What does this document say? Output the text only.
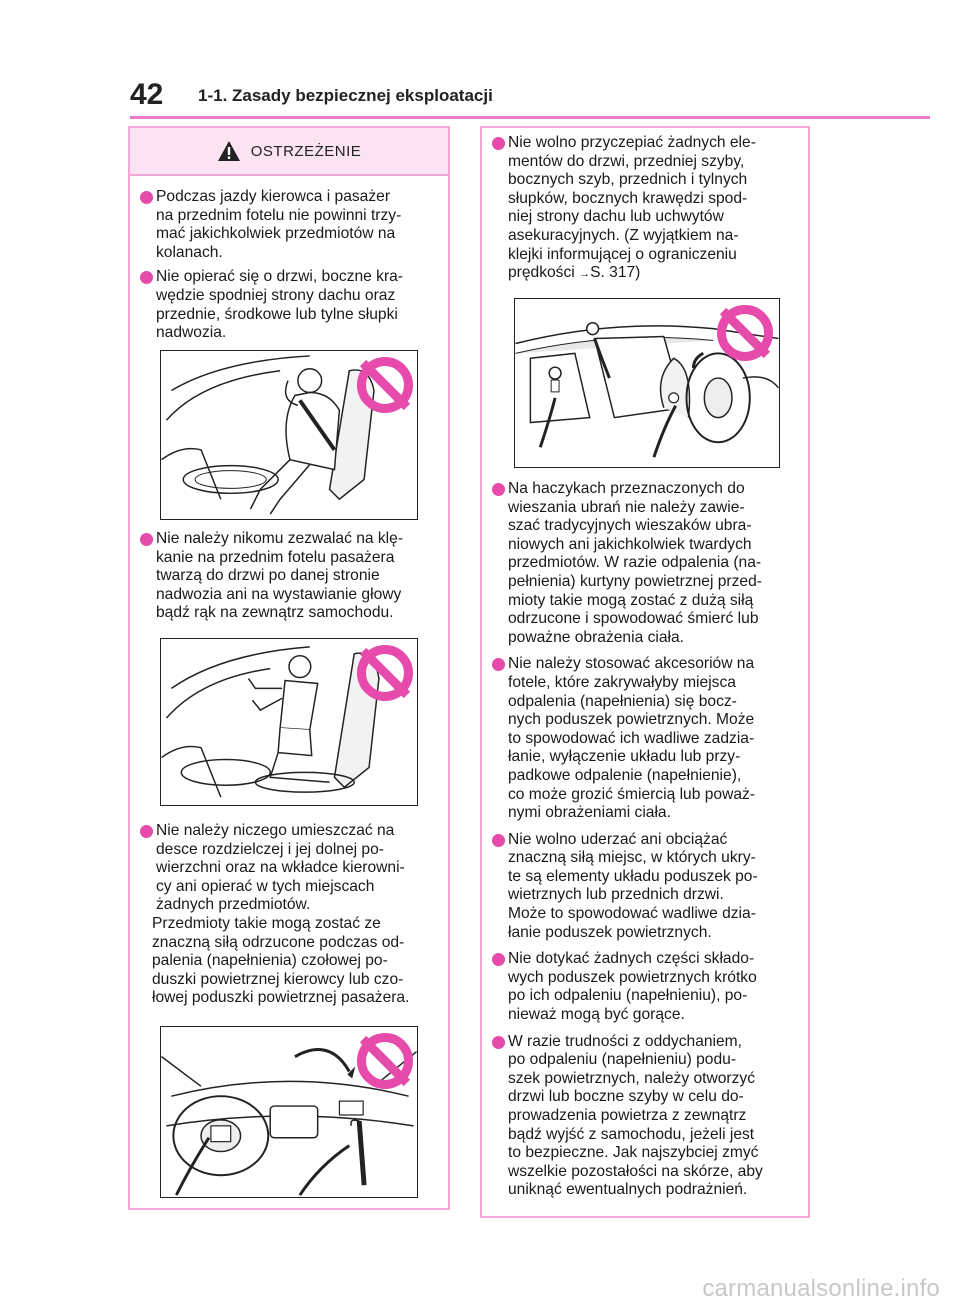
42 1-1. Zasady bezpiecznej eksploatacji
OSTRZEŻENIE
Podczas jazdy kierowca i pasażer
na przednim fotelu nie powinni trzy-
mać jakichkolwiek przedmiotów na
kolanach.
Nie opierać się o drzwi, boczne kra-
wędzie spodniej strony dachu oraz
przednie, środkowe lub tylne słupki
nadwozia.
Nie należy nikomu zezwalać na klę-
kanie na przednim fotelu pasażera
twarzą do drzwi po danej stronie
nadwozia ani na wystawianie głowy
bądź rąk na zewnątrz samochodu.
Nie należy niczego umieszczać na
desce rozdzielczej i jej dolnej po-
wierzchni oraz na wkładce kierowni-
cy ani opierać w tych miejscach
żadnych przedmiotów.
Przedmioty takie mogą zostać ze
znaczną siłą odrzucone podczas od-
palenia (napełnienia) czołowej po-
duszki powietrznej kierowcy lub czo-
łowej poduszki powietrznej pasażera.
Nie wolno przyczepiać żadnych ele-
mentów do drzwi, przedniej szyby,
bocznych szyb, przednich i tylnych
słupków, bocznych krawędzi spod-
niej strony dachu lub uchwytów
asekuracyjnych. (Z wyjątkiem na-
klejki informującej o ograniczeniu
prędkości →S. 317)
Na haczykach przeznaczonych do
wieszania ubrań nie należy zawie-
szać tradycyjnych wieszaków ubra-
niowych ani jakichkolwiek twardych
przedmiotów. W razie odpalenia (na-
pełnienia) kurtyny powietrznej przed-
mioty takie mogą zostać z dużą siłą
odrzucone i spowodować śmierć lub
poważne obrażenia ciała.
Nie należy stosować akcesoriów na
fotele, które zakrywałyby miejsca
odpalenia (napełnienia) się bocz-
nych poduszek powietrznych. Może
to spowodować ich wadliwe zadzia-
łanie, wyłączenie układu lub przy-
padkowe odpalenie (napełnienie),
co może grozić śmiercią lub poważ-
nymi obrażeniami ciała.
Nie wolno uderzać ani obciążać
znaczną siłą miejsc, w których ukry-
te są elementy układu poduszek po-
wietrznych lub przednich drzwi.
Może to spowodować wadliwe dzia-
łanie poduszek powietrznych.
Nie dotykać żadnych części składo-
wych poduszek powietrznych krótko
po ich odpaleniu (napełnieniu), po-
nieważ mogą być gorące.
W razie trudności z oddychaniem,
po odpaleniu (napełnieniu) podu-
szek powietrznych, należy otworzyć
drzwi lub boczne szyby w celu do-
prowadzenia powietrza z zewnątrz
bądź wyjść z samochodu, jeżeli jest
to bezpieczne. Jak najszybciej zmyć
wszelkie pozostałości na skórze, aby
uniknąć ewentualnych podrażnień.
carmanualsonline.info
